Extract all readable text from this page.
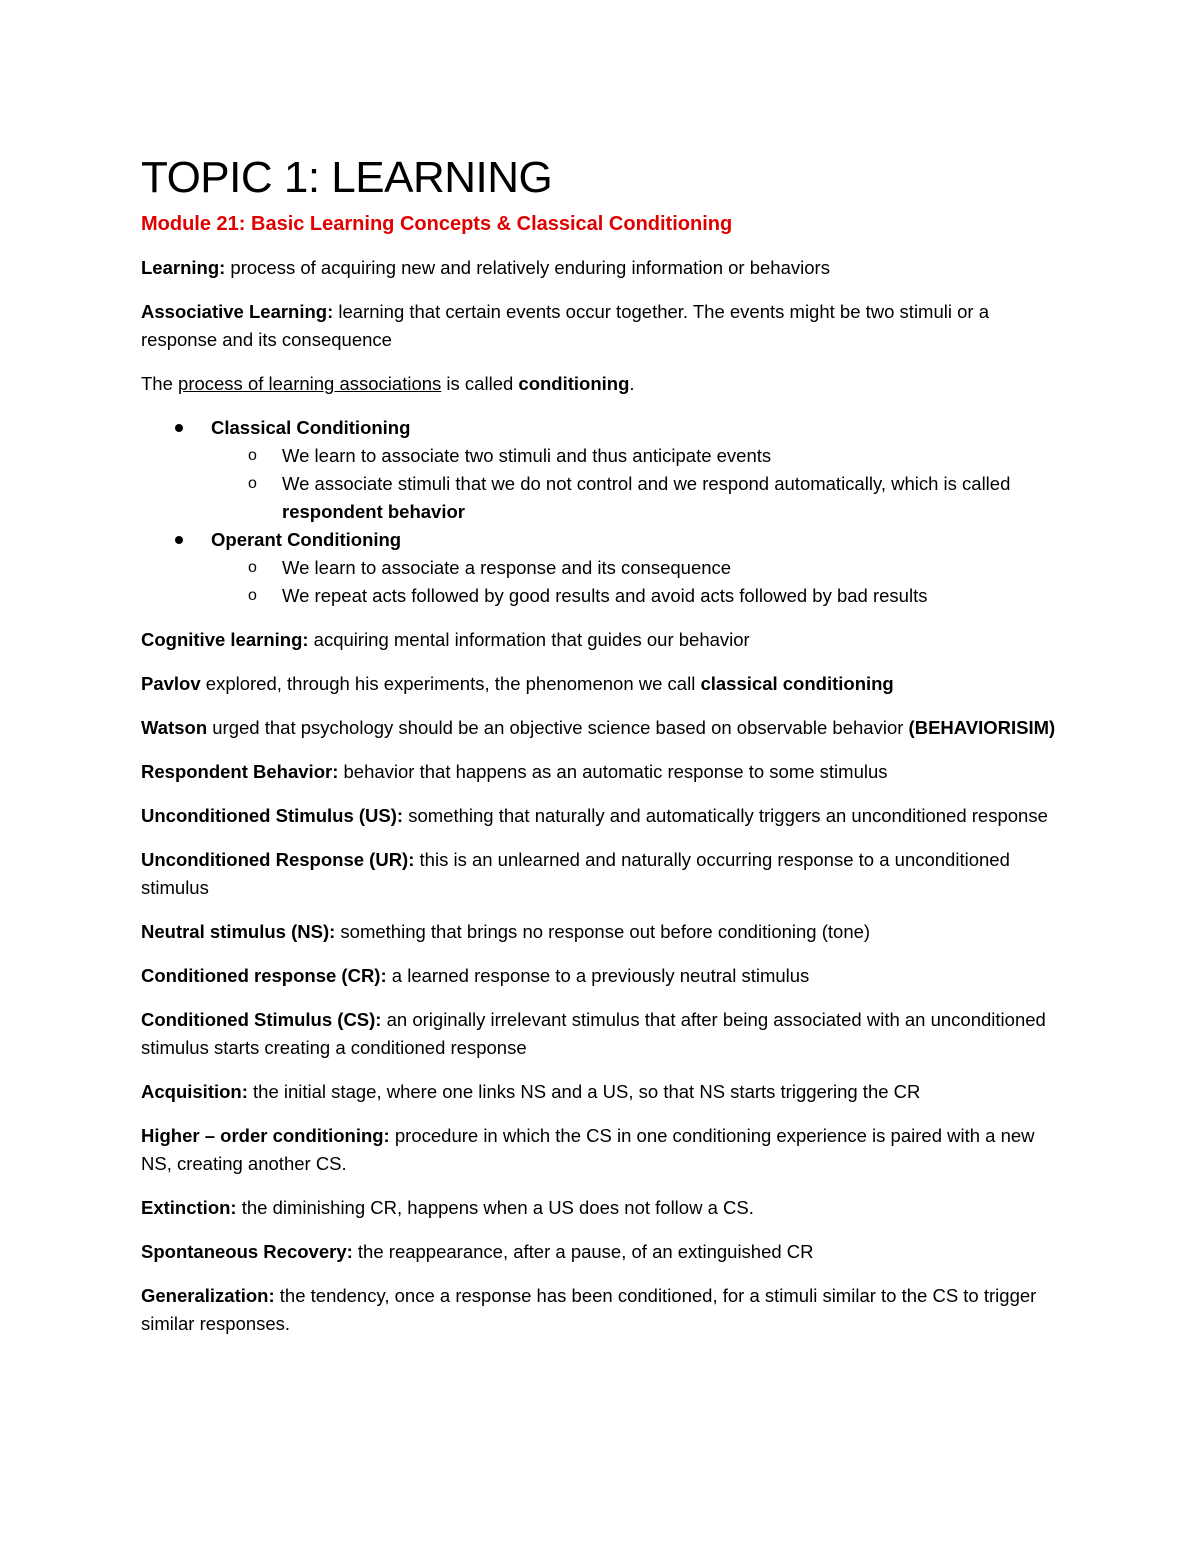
TOPIC 1: LEARNING
Module 21: Basic Learning Concepts & Classical Conditioning

Learning: process of acquiring new and relatively enduring information or behaviors

Associative Learning: learning that certain events occur together. The events might be two stimuli or a response and its consequence

The process of learning associations is called conditioning.

Classical Conditioning
o We learn to associate two stimuli and thus anticipate events
o We associate stimuli that we do not control and we respond automatically, which is called respondent behavior
Operant Conditioning
o We learn to associate a response and its consequence
o We repeat acts followed by good results and avoid acts followed by bad results

Cognitive learning: acquiring mental information that guides our behavior

Pavlov explored, through his experiments, the phenomenon we call classical conditioning

Watson urged that psychology should be an objective science based on observable behavior (BEHAVIORISIM)

Respondent Behavior: behavior that happens as an automatic response to some stimulus

Unconditioned Stimulus (US): something that naturally and automatically triggers an unconditioned response

Unconditioned Response (UR): this is an unlearned and naturally occurring response to a unconditioned stimulus

Neutral stimulus (NS): something that brings no response out before conditioning (tone)

Conditioned response (CR): a learned response to a previously neutral stimulus

Conditioned Stimulus (CS): an originally irrelevant stimulus that after being associated with an unconditioned stimulus starts creating a conditioned response

Acquisition: the initial stage, where one links NS and a US, so that NS starts triggering the CR

Higher – order conditioning: procedure in which the CS in one conditioning experience is paired with a new NS, creating another CS.

Extinction: the diminishing CR, happens when a US does not follow a CS.

Spontaneous Recovery: the reappearance, after a pause, of an extinguished CR

Generalization: the tendency, once a response has been conditioned, for a stimuli similar to the CS to trigger similar responses.
